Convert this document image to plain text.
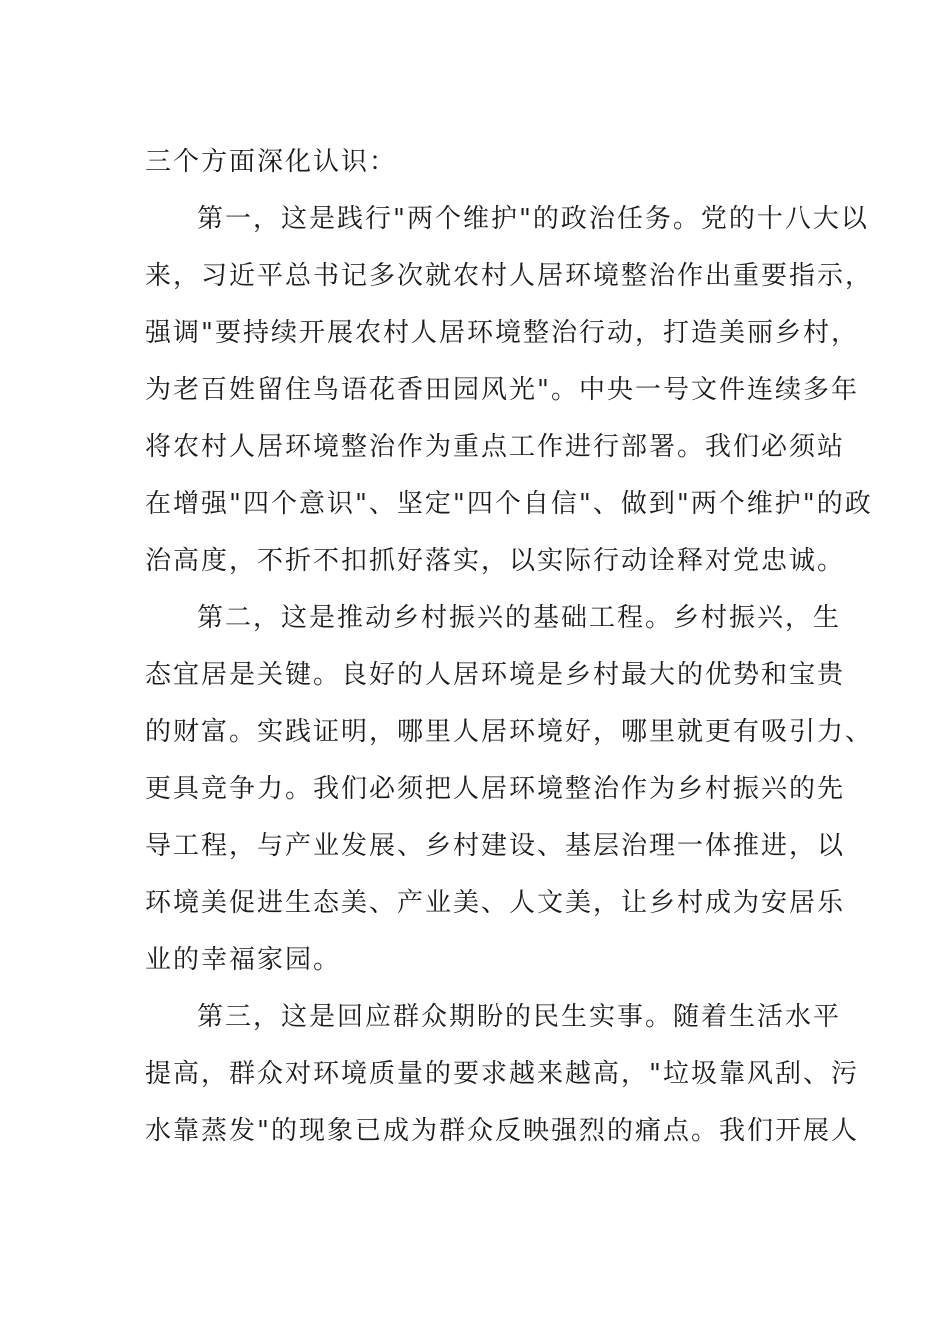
三个方面深化认识：

第一，这是践行"两个维护"的政治任务。党的十八大以
来，习近平总书记多次就农村人居环境整治作出重要指示，
强调"要持续开展农村人居环境整治行动，打造美丽乡村，
为老百姓留住鸟语花香田园风光"。中央一号文件连续多年
将农村人居环境整治作为重点工作进行部署。我们必须站
在增强"四个意识"、坚定"四个自信"、做到"两个维护"的政
治高度，不折不扣抓好落实，以实际行动诠释对党忠诚。

第二，这是推动乡村振兴的基础工程。乡村振兴，生
态宜居是关键。良好的人居环境是乡村最大的优势和宝贵
的财富。实践证明，哪里人居环境好，哪里就更有吸引力、
更具竞争力。我们必须把人居环境整治作为乡村振兴的先
导工程，与产业发展、乡村建设、基层治理一体推进，以
环境美促进生态美、产业美、人文美，让乡村成为安居乐
业的幸福家园。

第三，这是回应群众期盼的民生实事。随着生活水平
提高，群众对环境质量的要求越来越高，"垃圾靠风刮、污
水靠蒸发"的现象已成为群众反映强烈的痛点。我们开展人
